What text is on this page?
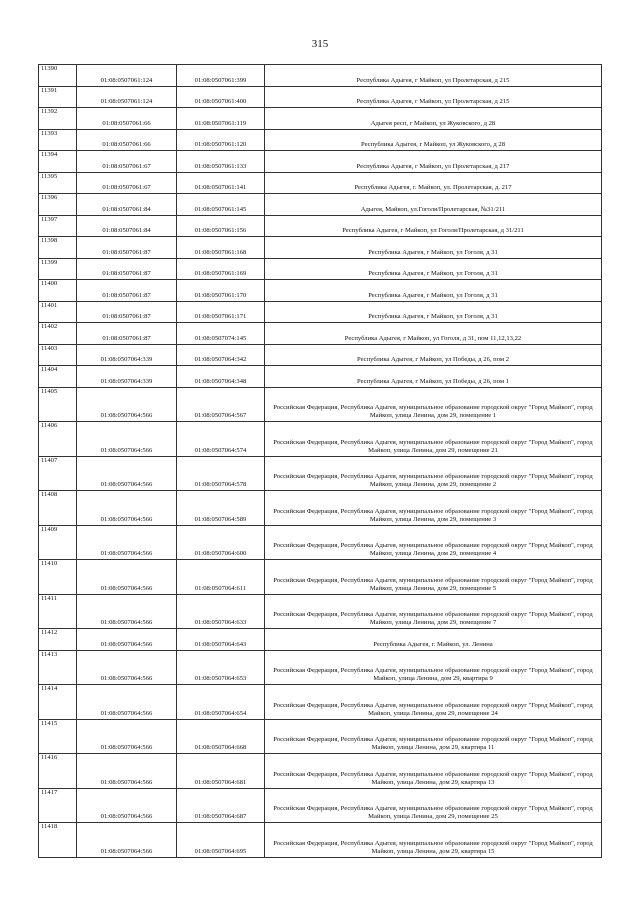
315
11390	01:08:0507061:124	01:08:0507061:399	Республика Адыгея, г Майкоп, ул Пролетарская, д 215
11391	01:08:0507061:124	01:08:0507061:400	Республика Адыгея, г Майкоп, ул Пролетарская, д 215
11392	01:08:0507061:66	01:08:0507061:119	Адыгея респ, г Майкоп, ул Жуковского, д 28
11393	01:08:0507061:66	01:08:0507061:120	Республика Адыгея, г Майкоп, ул Жуковского, д 28
11394	01:08:0507061:67	01:08:0507061:133	Республика Адыгея, г Майкоп, ул Пролетарская, д 217
11395	01:08:0507061:67	01:08:0507061:141	Республика Адыгея, г. Майкоп, ул. Пролетарская, д. 217
11396	01:08:0507061:84	01:08:0507061:145	Адыгея, Майкоп, ул.Гоголя/Пролетарская, №31/211
11397	01:08:0507061:84	01:08:0507061:156	Республика Адыгея, г Майкоп, ул Гоголя/Пролетарская, д 31/211
11398	01:08:0507061:87	01:08:0507061:168	Республика Адыгея, г Майкоп, ул Гоголя, д 31
11399	01:08:0507061:87	01:08:0507061:169	Республика Адыгея, г Майкоп, ул Гоголя, д 31
11400	01:08:0507061:87	01:08:0507061:170	Республика Адыгея, г Майкоп, ул Гоголя, д 31
11401	01:08:0507061:87	01:08:0507061:171	Республика Адыгея, г Майкоп, ул Гоголя, д 31
11402	01:08:0507061:87	01:08:0507074:145	Республика Адыгея, г Майкоп, ул Гоголя, д 31, пом 11,12,13,22
11403	01:08:0507064:339	01:08:0507064:342	Республика Адыгея, г Майкоп, ул Победы, д 26, пом 2
11404	01:08:0507064:339	01:08:0507064:348	Республика Адыгея, г Майкоп, ул Победы, д 26, пом 1
11405	01:08:0507064:566	01:08:0507064:567	Российская Федерация, Республика Адыгея, муниципальное образование городской округ "Город Майкоп", город Майкоп, улица Ленина, дом 29, помещение 1
11406	01:08:0507064:566	01:08:0507064:574	Российская Федерация, Республика Адыгея, муниципальное образование городской округ "Город Майкоп", город Майкоп, улица Ленина, дом 29, помещение 21
11407	01:08:0507064:566	01:08:0507064:578	Российская Федерация, Республика Адыгея, муниципальное образование городской округ "Город Майкоп", город Майкоп, улица Ленина, дом 29, помещение 2
11408	01:08:0507064:566	01:08:0507064:589	Российская Федерация, Республика Адыгея, муниципальное образование городской округ "Город Майкоп", город Майкоп, улица Ленина, дом 29, помещение 3
11409	01:08:0507064:566	01:08:0507064:600	Российская Федерация, Республика Адыгея, муниципальное образование городской округ "Город Майкоп", город Майкоп, улица Ленина, дом 29, помещение 4
11410	01:08:0507064:566	01:08:0507064:611	Российская Федерация, Республика Адыгея, муниципальное образование городской округ "Город Майкоп", город Майкоп, улица Ленина, дом 29, помещение 5
11411	01:08:0507064:566	01:08:0507064:633	Российская Федерация, Республика Адыгея, муниципальное образование городской округ "Город Майкоп", город Майкоп, улица Ленина, дом 29, помещение 7
11412	01:08:0507064:566	01:08:0507064:643	Республика Адыгея, г. Майкоп, ул. Ленина
11413	01:08:0507064:566	01:08:0507064:653	Российская Федерация, Республика Адыгея, муниципальное образование городской округ "Город Майкоп", город Майкоп, улица Ленина, дом 29, квартира 9
11414	01:08:0507064:566	01:08:0507064:654	Российская Федерация, Республика Адыгея, муниципальное образование городской округ "Город Майкоп", город Майкоп, улица Ленина, дом 29, помещение 24
11415	01:08:0507064:566	01:08:0507064:668	Российская Федерация, Республика Адыгея, муниципальное образование городской округ "Город Майкоп", город Майкоп, улица Ленина, дом 29, квартира 11
11416	01:08:0507064:566	01:08:0507064:681	Российская Федерация, Республика Адыгея, муниципальное образование городской округ "Город Майкоп", город Майкоп, улица Ленина, дом 29, квартира 13
11417	01:08:0507064:566	01:08:0507064:687	Российская Федерация, Республика Адыгея, муниципальное образование городской округ "Город Майкоп", город Майкоп, улица Ленина, дом 29, помещение 25
11418	01:08:0507064:566	01:08:0507064:695	Российская Федерация, Республика Адыгея, муниципальное образование городской округ "Город Майкоп", город Майкоп, улица Ленина, дом 29, квартира 15
